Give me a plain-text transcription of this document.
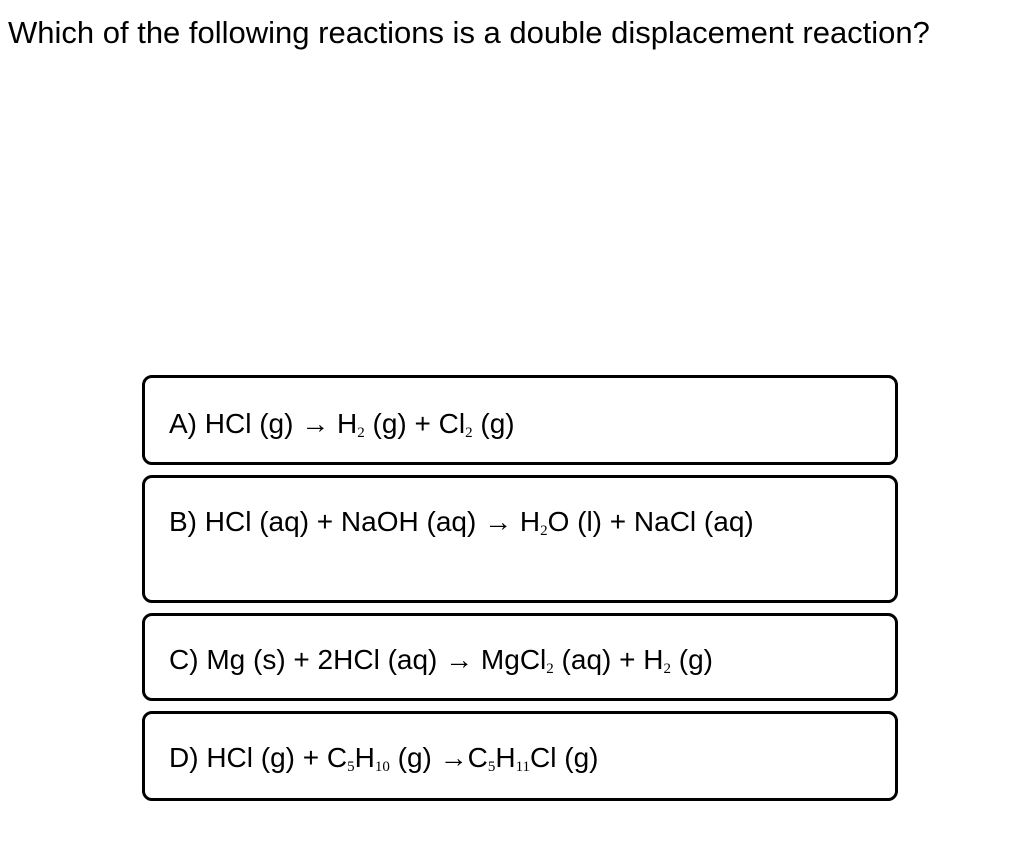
Which of the following reactions is a double displacement reaction?
A) HCl $(g) \to H_2$ $(g) + Cl_2$ (g)
B) HCl (aq) + NaOH $(aq) \to H_2O$ (l) + NaCl (aq)
C) Mg (s) + 2HCl (aq) → MgCl$_2$ $(aq) + H_2$ (g)
D) HCl $(g) + C_5H_{10}$ $(g) \to C_5H_{11}Cl$ (g)
